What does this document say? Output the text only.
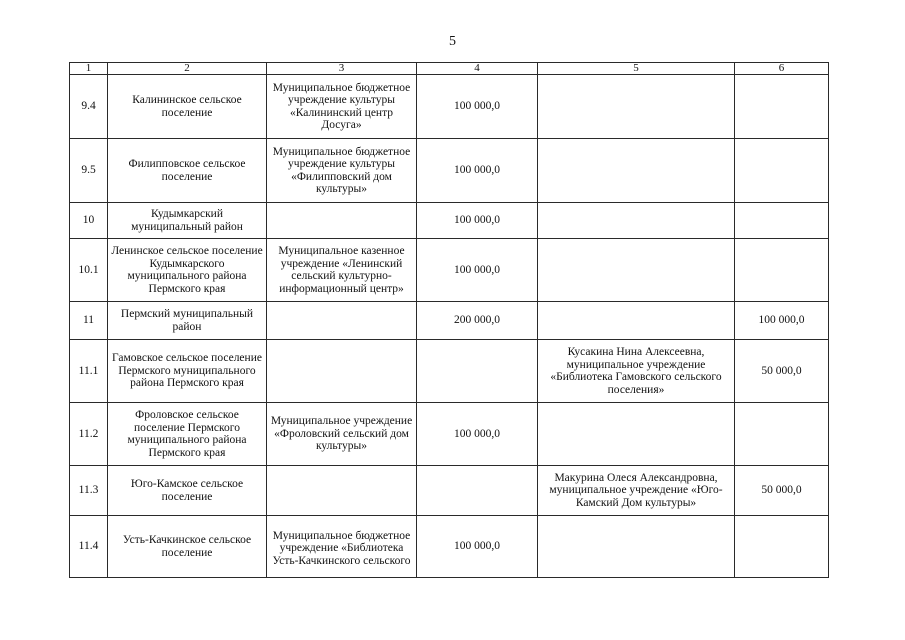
5
1	2	3	4	5	6
9.4	Калининское сельское поселение	Муниципальное бюджетное учреждение культуры «Калининский центр Досуга»	100 000,0		
9.5	Филипповское сельское поселение	Муниципальное бюджетное учреждение культуры «Филипповский дом культуры»	100 000,0		
10	Кудымкарский муниципальный район		100 000,0		
10.1	Ленинское сельское поселение Кудымкарского муниципального района Пермского края	Муниципальное казенное учреждение «Ленинский сельский культурно-информационный центр»	100 000,0		
11	Пермский муниципальный район		200 000,0		100 000,0
11.1	Гамовское сельское поселение Пермского муниципального района Пермского края			Кусакина Нина Алексеевна, муниципальное учреждение «Библиотека Гамовского сельского поселения»	50 000,0
11.2	Фроловское сельское поселение Пермского муниципального района Пермского края	Муниципальное учреждение «Фроловский сельский дом культуры»	100 000,0		
11.3	Юго-Камское сельское поселение			Макурина Олеся Александровна, муниципальное учреждение «Юго-Камский Дом культуры»	50 000,0
11.4	Усть-Качкинское сельское поселение	Муниципальное бюджетное учреждение «Библиотека Усть-Качкинского сельского	100 000,0		
